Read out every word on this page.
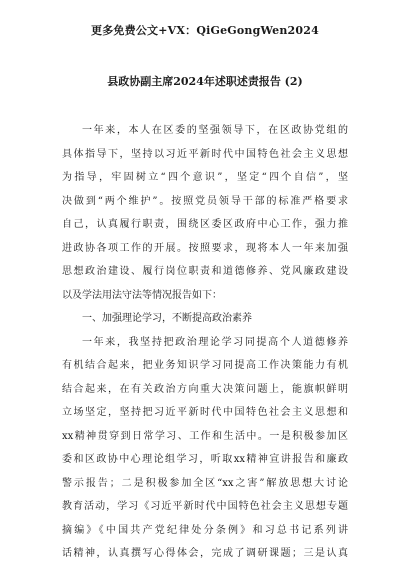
更多免费公文+VX：QiGeGongWen2024
县政协副主席2024年述职述责报告 (2)
一年来，本人在区委的坚强领导下，在区政协党组的
具体指导下，坚持以习近平新时代中国特色社会主义思想
为指导，牢固树立“四个意识”，坚定“四个自信”，坚
决做到“两个维护”。按照党员领导干部的标准严格要求
自己，认真履行职责，围绕区委区政府中心工作，强力推
进政协各项工作的开展。按照要求，现将本人一年来加强
思想政治建设、履行岗位职责和道德修养、党风廉政建设
以及学法用法守法等情况报告如下：
一、加强理论学习，不断提高政治素养
一年来，我坚持把政治理论学习同提高个人道德修养
有机结合起来，把业务知识学习同提高工作决策能力有机
结合起来，在有关政治方向重大决策问题上，能旗帜鲜明
立场坚定，坚持把习近平新时代中国特色社会主义思想和
xx精神贯穿到日常学习、工作和生活中。一是积极参加区
委和区政协中心理论组学习，听取xx精神宣讲报告和廉政
警示报告；二是积极参加全区“xx之害”解放思想大讨论
教育活动，学习《习近平新时代中国特色社会主义思想专题
摘编》《中国共产党纪律处分条例》和习总书记系列讲
话精神，认真撰写心得体会，完成了调研课题；三是认真
